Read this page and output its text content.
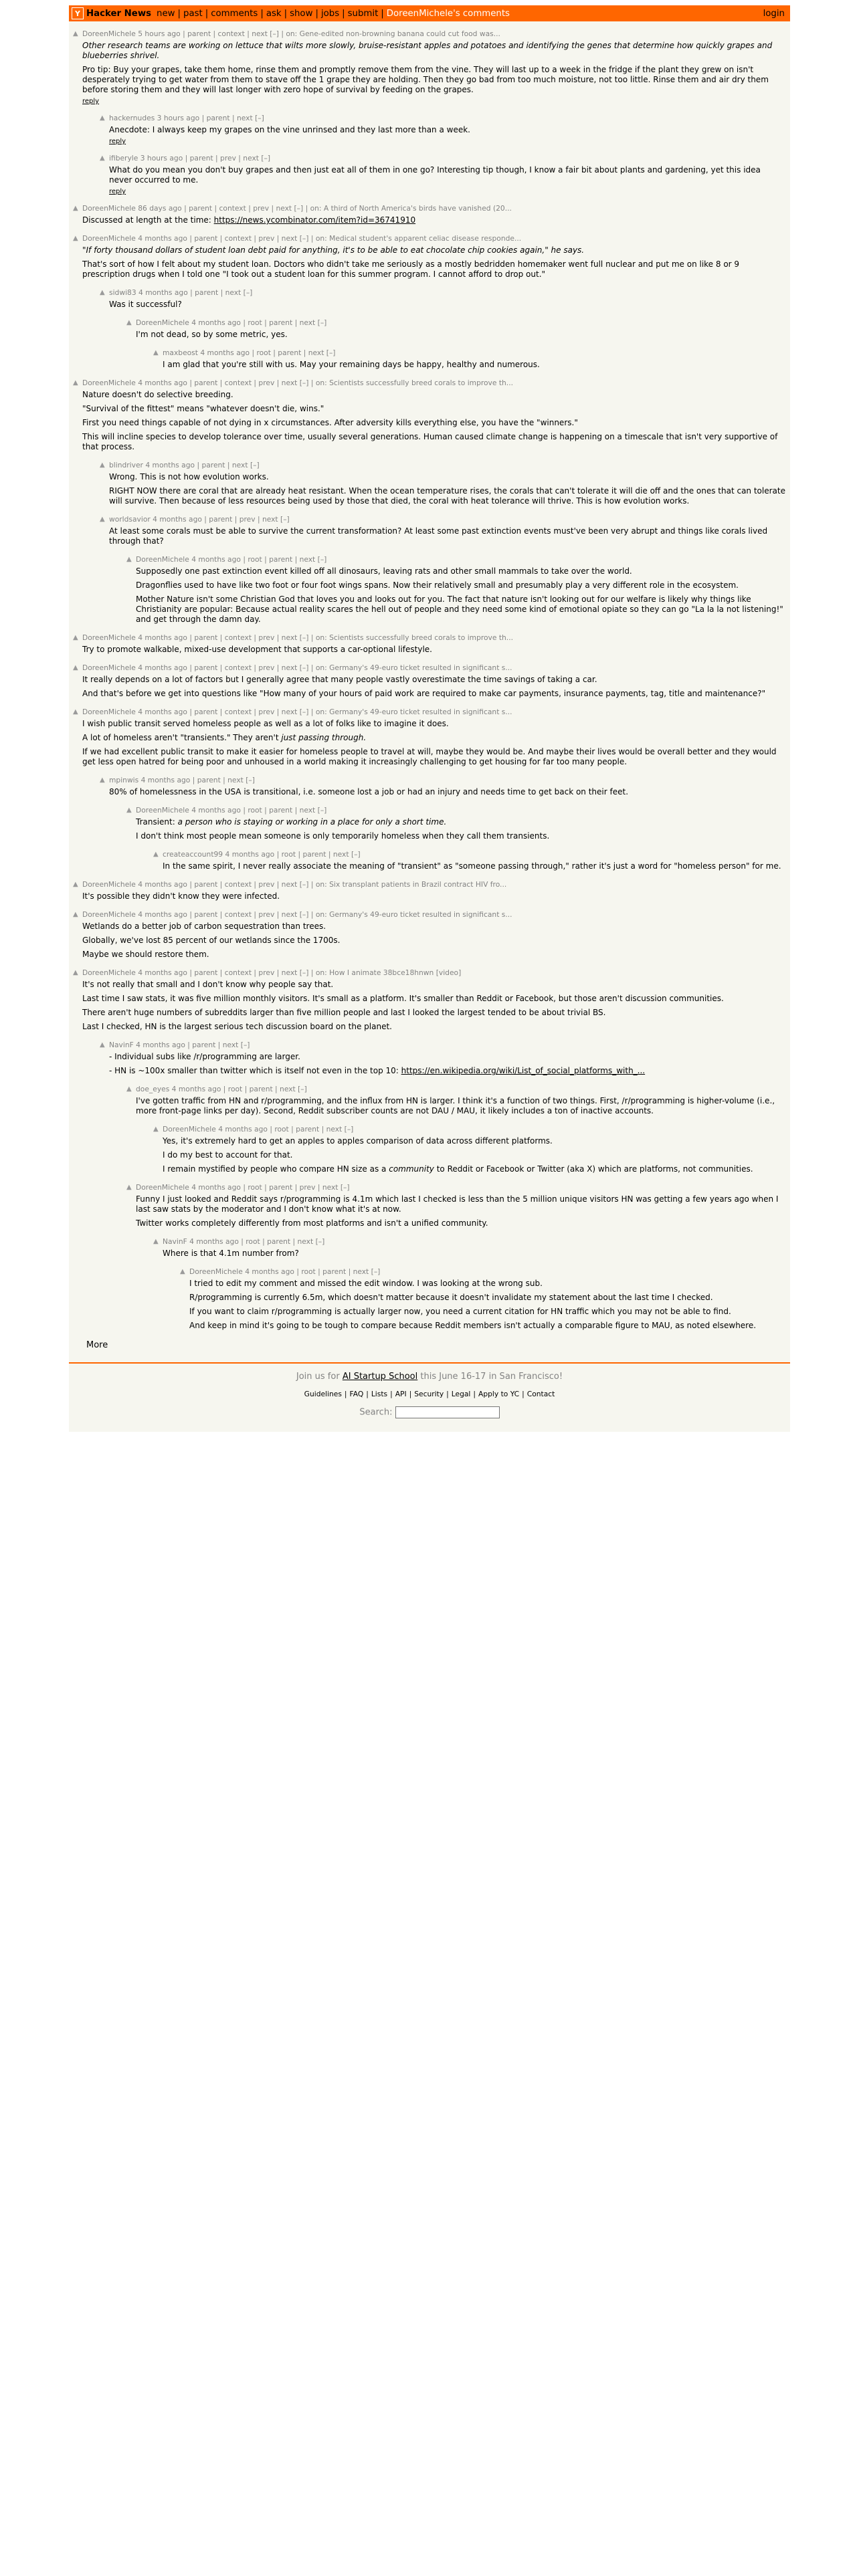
Y Hacker News new | past | comments | ask | show | jobs | submit | DoreenMichele's comments	login
▲ DoreenMichele 5 hours ago | parent | context | next [–] | on: Gene-edited non-browning banana could cut food was...

Other research teams are working on lettuce that wilts more slowly, bruise-resistant apples and potatoes and identifying the genes that determine how quickly grapes and blueberries shrivel.

Pro tip: Buy your grapes, take them home, rinse them and promptly remove them from the vine. They will last up to a week in the fridge if the plant they grew on isn't desperately trying to get water from them to stave off the 1 grape they are holding. Then they go bad from too much moisture, not too little. Rinse them and air dry them before storing them and they will last longer with zero hope of survival by feeding on the grapes.

reply
▲ hackernudes 3 hours ago | parent | next [–]

Anecdote: I always keep my grapes on the vine unrinsed and they last more than a week.

reply
▲ ifiberyle 3 hours ago | parent | prev | next [–]

What do you mean you don't buy grapes and then just eat all of them in one go? Interesting tip though, I know a fair bit about plants and gardening, yet this idea never occurred to me.

reply
▲ DoreenMichele 86 days ago | parent | context | prev | next [–] | on: A third of North America's birds have vanished (20...

Discussed at length at the time: https://news.ycombinator.com/item?id=36741910

▲ DoreenMichele 4 months ago | parent | context | prev | next [–] | on: Medical student's apparent celiac disease responde...

"If forty thousand dollars of student loan debt paid for anything, it's to be able to eat chocolate chip cookies again," he says.

That's sort of how I felt about my student loan. Doctors who didn't take me seriously as a mostly bedridden homemaker went full nuclear and put me on like 8 or 9 prescription drugs when I told one "I took out a student loan for this summer program. I cannot afford to drop out."

▲ sidwi83 4 months ago | parent | next [–]

Was it successful?

▲ DoreenMichele 4 months ago | root | parent | next [–]

I'm not dead, so by some metric, yes.

▲ maxbeost 4 months ago | root | parent | next [–]

I am glad that you're still with us. May your remaining days be happy, healthy and numerous.

▲ DoreenMichele 4 months ago | parent | context | prev | next [–] | on: Scientists successfully breed corals to improve th...

Nature doesn't do selective breeding.

"Survival of the fittest" means "whatever doesn't die, wins."

First you need things capable of not dying in x circumstances. After adversity kills everything else, you have the "winners."

This will incline species to develop tolerance over time, usually several generations. Human caused climate change is happening on a timescale that isn't very supportive of that process.

▲ blindriver 4 months ago | parent | next [–]

Wrong. This is not how evolution works.

RIGHT NOW there are coral that are already heat resistant. When the ocean temperature rises, the corals that can't tolerate it will die off and the ones that can tolerate will survive. Then because of less resources being used by those that died, the coral with heat tolerance will thrive. This is how evolution works.

▲ worldsavior 4 months ago | parent | prev | next [–]

At least some corals must be able to survive the current transformation? At least some past extinction events must've been very abrupt and things like corals lived through that?

▲ DoreenMichele 4 months ago | root | parent | next [–]

Supposedly one past extinction event killed off all dinosaurs, leaving rats and other small mammals to take over the world.

Dragonflies used to have like two foot or four foot wings spans. Now their relatively small and presumably play a very different role in the ecosystem.

Mother Nature isn't some Christian God that loves you and looks out for you. The fact that nature isn't looking out for our welfare is likely why things like Christianity are popular: Because actual reality scares the hell out of people and they need some kind of emotional opiate so they can go "La la la not listening!" and get through the damn day.

▲ DoreenMichele 4 months ago | parent | context | prev | next [–] | on: Scientists successfully breed corals to improve th...

Try to promote walkable, mixed-use development that supports a car-optional lifestyle.

▲ DoreenMichele 4 months ago | parent | context | prev | next [–] | on: Germany's 49-euro ticket resulted in significant s...

It really depends on a lot of factors but I generally agree that many people vastly overestimate the time savings of taking a car.

And that's before we get into questions like "How many of your hours of paid work are required to make car payments, insurance payments, tag, title and maintenance?"

▲ DoreenMichele 4 months ago | parent | context | prev | next [–] | on: Germany's 49-euro ticket resulted in significant s...

I wish public transit served homeless people as well as a lot of folks like to imagine it does.

A lot of homeless aren't "transients." They aren't just passing through.

If we had excellent public transit to make it easier for homeless people to travel at will, maybe they would be. And maybe their lives would be overall better and they would get less open hatred for being poor and unhoused in a world making it increasingly challenging to get housing for far too many people.

▲ mpinwis 4 months ago | parent | next [–]

80% of homelessness in the USA is transitional, i.e. someone lost a job or had an injury and needs time to get back on their feet.

▲ DoreenMichele 4 months ago | root | parent | next [–]

Transient: a person who is staying or working in a place for only a short time.

I don't think most people mean someone is only temporarily homeless when they call them transients.

▲ createaccount99 4 months ago | root | parent | next [–]

In the same spirit, I never really associate the meaning of "transient" as "someone passing through," rather it's just a word for "homeless person" for me.

▲ DoreenMichele 4 months ago | parent | context | prev | next [–] | on: Six transplant patients in Brazil contract HIV fro...

It's possible they didn't know they were infected.

▲ DoreenMichele 4 months ago | parent | context | prev | next [–] | on: Germany's 49-euro ticket resulted in significant s...

Wetlands do a better job of carbon sequestration than trees.

Globally, we've lost 85 percent of our wetlands since the 1700s.

Maybe we should restore them.

▲ DoreenMichele 4 months ago | parent | context | prev | next [–] | on: How I animate 38bce18hnwn [video]

It's not really that small and I don't know why people say that.

Last time I saw stats, it was five million monthly visitors. It's small as a platform. It's smaller than Reddit or Facebook, but those aren't discussion communities.

There aren't huge numbers of subreddits larger than five million people and last I looked the largest tended to be about trivial BS.

Last I checked, HN is the largest serious tech discussion board on the planet.

▲ NavinF 4 months ago | parent | next [–]

- Individual subs like /r/programming are larger.

- HN is ~100x smaller than twitter which is itself not even in the top 10: https://en.wikipedia.org/wiki/List_of_social_platforms_with_...

▲ doe_eyes 4 months ago | root | parent | next [–]

I've gotten traffic from HN and r/programming, and the influx from HN is larger. I think it's a function of two things. First, /r/programming is higher-volume (i.e., more front-page links per day). Second, Reddit subscriber counts are not DAU / MAU, it likely includes a ton of inactive accounts.

▲ DoreenMichele 4 months ago | root | parent | next [–]

Yes, it's extremely hard to get an apples to apples comparison of data across different platforms.

I do my best to account for that.

I remain mystified by people who compare HN size as a community to Reddit or Facebook or Twitter (aka X) which are platforms, not communities.

▲ DoreenMichele 4 months ago | root | parent | prev | next [–]

Funny I just looked and Reddit says r/programming is 4.1m which last I checked is less than the 5 million unique visitors HN was getting a few years ago when I last saw stats by the moderator and I don't know what it's at now.

Twitter works completely differently from most platforms and isn't a unified community.

▲ NavinF 4 months ago | root | parent | next [–]

Where is that 4.1m number from?

▲ DoreenMichele 4 months ago | root | parent | next [–]

I tried to edit my comment and missed the edit window. I was looking at the wrong sub.

R/programming is currently 6.5m, which doesn't matter because it doesn't invalidate my statement about the last time I checked.

If you want to claim r/programming is actually larger now, you need a current citation for HN traffic which you may not be able to find.

And keep in mind it's going to be tough to compare because Reddit members isn't actually a comparable figure to MAU, as noted elsewhere.

More
Join us for AI Startup School this June 16-17 in San Francisco!
Guidelines | FAQ | Lists | API | Security | Legal | Apply to YC | Contact
Search:
